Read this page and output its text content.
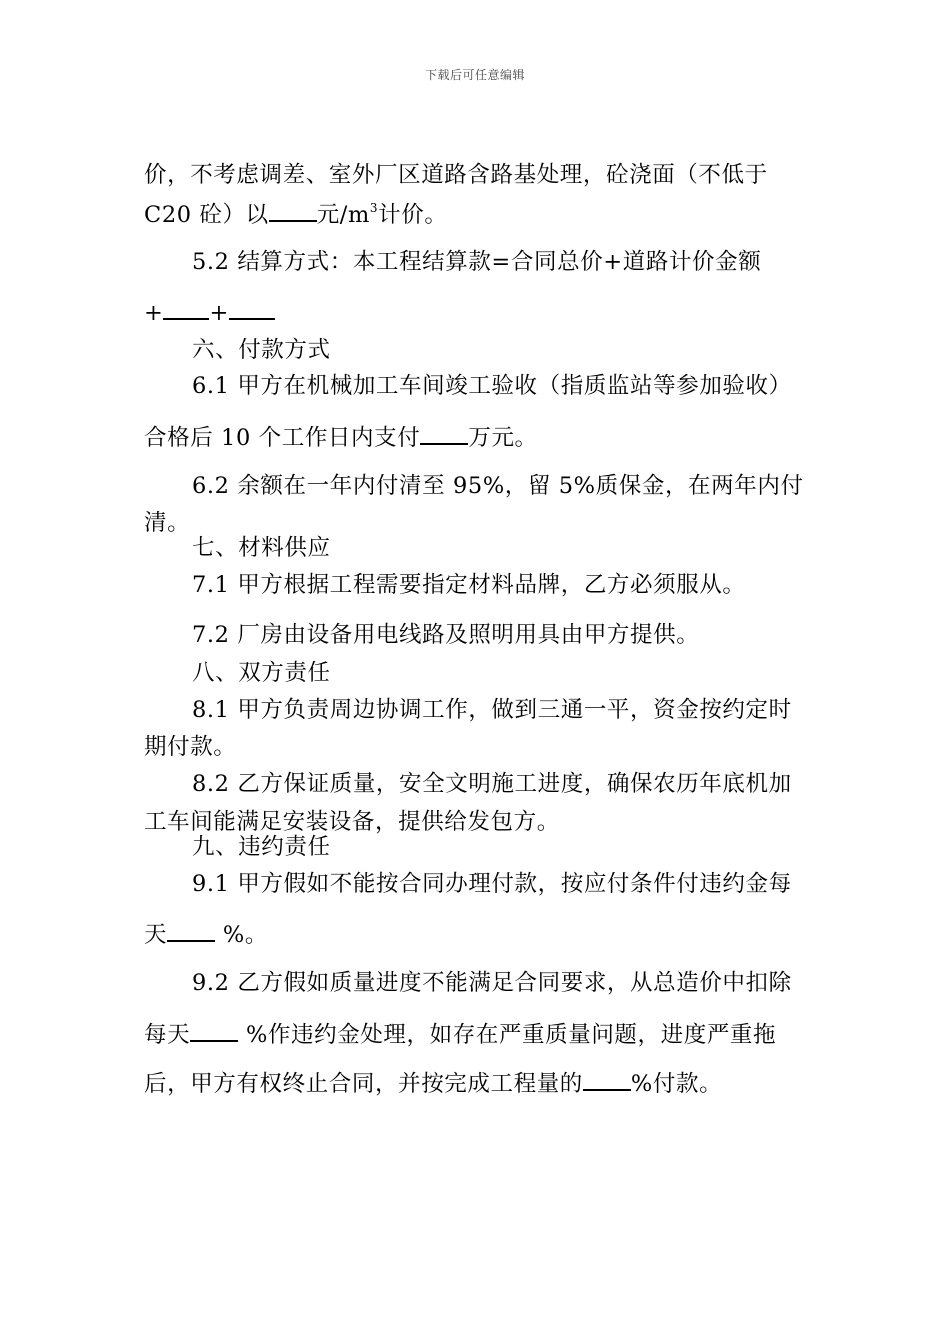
下载后可任意编辑
价，不考虑调差、室外厂区道路含路基处理，砼浇面（不低于
C20 砼）以 元$/m^3$计价。
5.2 结算方式：本工程结算款=合同总价+道路计价金额
+ +
六、付款方式
6.1 甲方在机械加工车间竣工验收（指质监站等参加验收）
合格后 10 个工作日内支付 万元。
6.2 余额在一年内付清至 95%，留 5%质保金，在两年内付
清。
七、材料供应
7.1 甲方根据工程需要指定材料品牌，乙方必须服从。
7.2 厂房由设备用电线路及照明用具由甲方提供。
八、双方责任
8.1 甲方负责周边协调工作，做到三通一平，资金按约定时
期付款。
8.2 乙方保证质量，安全文明施工进度，确保农历年底机加
工车间能满足安装设备，提供给发包方。
九、违约责任
9.1 甲方假如不能按合同办理付款，按应付条件付违约金每
天 %。
9.2 乙方假如质量进度不能满足合同要求，从总造价中扣除
每天 %作违约金处理，如存在严重质量问题，进度严重拖
后，甲方有权终止合同，并按完成工程量的 %付款。
